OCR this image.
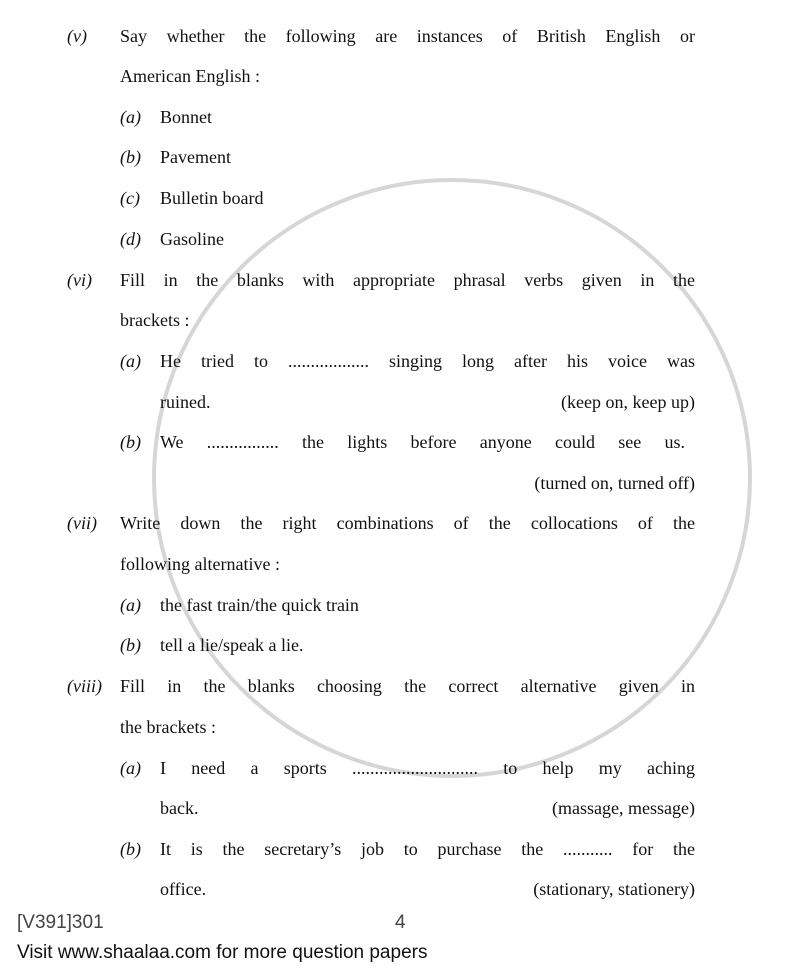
(v) Say whether the following are instances of British English or
American English :
(a) Bonnet
(b) Pavement
(c) Bulletin board
(d) Gasoline
(vi) Fill in the blanks with appropriate phrasal verbs given in the
brackets :
(a) He tried to .................. singing long after his voice was
ruined.	(keep on, keep up)
(b) We ................ the lights before anyone could see us.
(turned on, turned off)
(vii) Write down the right combinations of the collocations of the
following alternative :
(a) the fast train/the quick train
(b) tell a lie/speak a lie.
(viii) Fill in the blanks choosing the correct alternative given in
the brackets :
(a) I need a sports ............................ to help my aching
back.	(massage, message)
(b) It is the secretary’s job to purchase the ........... for the
office.	(stationary, stationery)
[V391]301	4
Visit www.shaalaa.com for more question papers
